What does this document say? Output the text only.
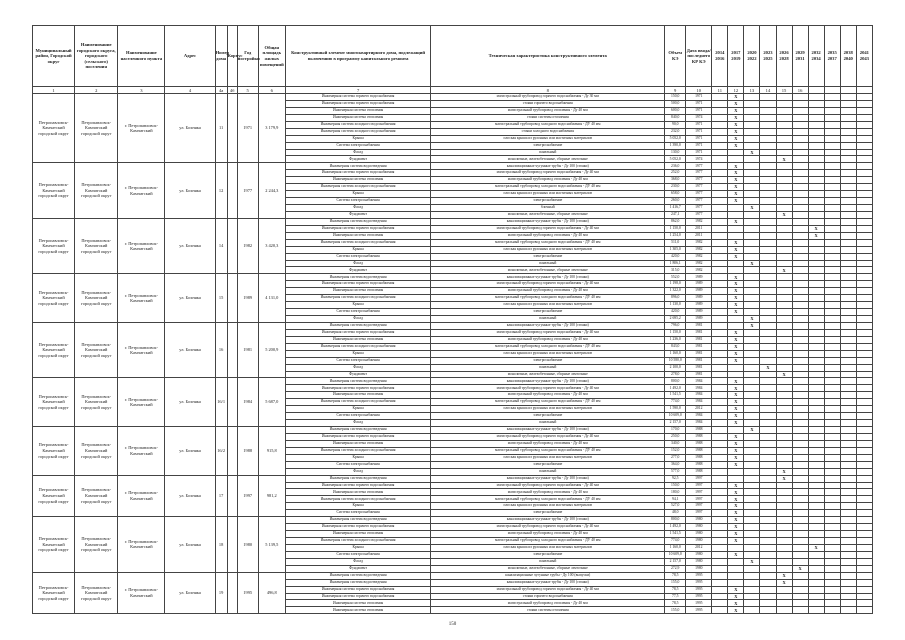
Муниципальный район, Городской округ	Наименование городского округа, городского (сельского) поселения	Наименование населенного пункта	Адрес	Номер дома	Корпус	Год постройки	Общая площадь жилых помещений	Конструктивный элемент многоквартирного дома, подлежащий включению в программу капитального ремонта	Техническая характеристика конструктивного элемента	Объем КЭ	Дата ввода/последнего КР КЭ	2014 2016	2017 2019	2020 2022	2023 2025	2026 2028	2029 2031	2032 2034	2035 2037	2038 2040	2041 2043
1	2	3	4	4a	4б	5	6	7	8	9	10	11	12	13	14	15	16				
Петропавловск-Камчатский городской округ	Петропавловск-Камчатский городской округ	г. Петропавловск-Камчатский	ул. Бохняка	11		1971	3 179,9	Инженерная система горячего водоснабжения	магистральный трубопровод горячего водоснабжения - Ду 30 мм	150,0	1971		X								
								Инженерная система горячего водоснабжения	стояки горячего водоснабжения	500,0	1971		X								
								Инженерная система отопления	магистральный трубопровод отопления - Ду 40 мм	600,0	1971		X								
								Инженерная система отопления	стояки системы отопления	840,0	1974		X								
								Инженерная система холодного водоснабжения	магистральный трубопровод холодного водоснабжения - ДУ 40 мм	90,0	1971		X								
								Инженерная система холодного водоснабжения	стояки холодного водоснабжения	232,0	1971		X								
								Крыша	плоская крыша из рулонных или мастичных материалов	5 052,0	1971		X								
								Система электроснабжения	электроснабжение	1 390,0	1971		X								
								Фасад	панельный	130,0	1971			X							
								Фундамент	монолитные, железобетонные, сборные ленточные	5 052,0	1974					X					
Петропавловск-Камчатский городской округ	Петропавловск-Камчатский городской округ	г. Петропавловск-Камчатский	ул. Бохняка	12		1977	2 244,3	Инженерная система водоотведения	канализационные чугунные трубы - Ду 100 (стояки)	236,0	1977		X								
								Инженерная система горячего водоснабжения	магистральный трубопровод горячего водоснабжения - Ду 40 мм	252,0	1977		X								
								Инженерная система отопления	магистральный трубопровод отопления - Ду 40 мм	368,0	1977		X								
								Инженерная система холодного водоснабжения	магистральный трубопровод холодного водоснабжения - ДУ 40 мм	230,0	1977		X								
								Крыша	плоская крыша из рулонных или мастичных материалов	658,0	1977		X								
								Система электроснабжения	электроснабжение	260,0	1977		X								
								Фасад	блочный	1 416,7	1977			X							
								Фундамент	монолитные, железобетонные, сборные ленточные	247,1	1977					X					
Петропавловск-Камчатский городской округ	Петропавловск-Камчатский городской округ	г. Петропавловск-Камчатский	ул. Бохняка	14		1982	3 420,3	Инженерная система водоотведения	канализационные чугунные трубы - Ду 100 (стояки)	862,0	1982		X								
								Инженерная система горячего водоснабжения	магистральный трубопровод горячего водоснабжения - Ду 40 мм	1 150,0	2011							X			
								Инженерная система отопления	магистральный трубопровод отопления - Ду 40 мм	1 254,0	2011							X			
								Инженерная система холодного водоснабжения	магистральный трубопровод холодного водоснабжения - ДУ 40 мм	511,0	1982		X								
								Крыша	плоская крыша из рулонных или мастичных материалов	1 305,0	1982		X								
								Система электроснабжения	электроснабжение	420,0	1982		X								
								Фасад	панельный	1 806,1	1982			X							
								Фундамент	монолитные, железобетонные, сборные ленточные	315,0	1982					X					
Петропавловск-Камчатский городской округ	Петропавловск-Камчатский городской округ	г. Петропавловск-Камчатский	ул. Бохняка	15		1989	4 131,0	Инженерная система водоотведения	канализационные чугунные трубы - Ду 100 (стояки)	552,0	1989		X								
								Инженерная система горячего водоснабжения	магистральный трубопровод горячего водоснабжения - Ду 40 мм	1 198,0	1989		X								
								Инженерная система отопления	магистральный трубопровод отопления - Ду 40 мм	1 322,0	1989		X								
								Инженерная система холодного водоснабжения	магистральный трубопровод холодного водоснабжения - ДУ 40 мм	896,0	1989		X								
								Крыша	плоская крыша из рулонных или мастичных материалов	1 130,0	1989		X								
								Система электроснабжения	электроснабжение	420,0	1989		X								
								Фасад	панельный	2 695,2	1989			X							
Петропавловск-Камчатский городской округ	Петропавловск-Камчатский городской округ	г. Петропавловск-Камчатский	ул. Бохняка	16		1981	5 200,9	Инженерная система водоотведения	канализационные чугунные трубы - Ду 100 (стояки)	796,0	1981			X							
								Инженерная система горячего водоснабжения	магистральный трубопровод горячего водоснабжения - Ду 40 мм	1 150,0	1981		X								
								Инженерная система отопления	магистральный трубопровод отопления - Ду 40 мм	1 236,0	1981		X								
								Инженерная система холодного водоснабжения	магистральный трубопровод холодного водоснабжения - ДУ 40 мм	843,0	1981		X								
								Крыша	плоская крыша из рулонных или мастичных материалов	1 160,0	1981		X								
								Система электроснабжения	электроснабжение	10 580,0	1981		X								
								Фасад	панельный	2 100,0	1981				X						
								Фундамент	монолитные, железобетонные, сборные ленточные	278,0	1981					X					
Петропавловск-Камчатский городской округ	Петропавловск-Камчатский городской округ	г. Петропавловск-Камчатский	ул. Бохняка	16/1		1984	5 687,0	Инженерная система водоотведения	канализационные чугунные трубы - Ду 100 (стояки)	800,0	1984		X								
								Инженерная система горячего водоснабжения	магистральный трубопровод горячего водоснабжения - Ду 40 мм	1 492,0	1984		X								
								Инженерная система отопления	магистральный трубопровод отопления - Ду 40 мм	1 541,5	1984		X								
								Инженерная система холодного водоснабжения	магистральный трубопровод холодного водоснабжения - ДУ 40 мм	774,0	1984		X								
								Крыша	плоская крыша из рулонных или мастичных материалов	1 590,0	2012		X								
								Система электроснабжения	электроснабжение	10 609,0	1984		X								
								Фасад	панельный	2 157,0	1984		X								
Петропавловск-Камчатский городской округ	Петропавловск-Камчатский городской округ	г. Петропавловск-Камчатский	ул. Бохняка	16/2		1988	915,8	Инженерная система водоотведения	канализационные чугунные трубы - Ду 100 (стояки)	170,0	1988			X							
								Инженерная система горячего водоснабжения	магистральный трубопровод горячего водоснабжения - Ду 40 мм	250,0	1988		X								
								Инженерная система отопления	магистральный трубопровод отопления - Ду 40 мм	340,0	1988		X								
								Инженерная система холодного водоснабжения	магистральный трубопровод холодного водоснабжения - ДУ 40 мм	152,0	1988		X								
								Крыша	плоская крыша из рулонных или мастичных материалов	277,0	1988		X								
								Система электроснабжения	электроснабжение	364,0	1988		X								
								Фасад	панельный	577,0	1988					X					
Петропавловск-Камчатский городской округ	Петропавловск-Камчатский городской округ	г. Петропавловск-Камчатский	ул. Бохняка	17		1997	981,2	Инженерная система водоотведения	канализационные чугунные трубы - Ду 100 (стояки)	92,5	1997					X					
								Инженерная система горячего водоснабжения	магистральный трубопровод горячего водоснабжения - Ду 40 мм	150,0	1997		X								
								Инженерная система отопления	магистральный трубопровод отопления - Ду 40 мм	180,0	1997		X								
								Инженерная система холодного водоснабжения	магистральный трубопровод холодного водоснабжения - ДУ 40 мм	94,1	1997		X								
								Крыша	плоская крыша из рулонных или мастичных материалов	527,0	1997		X								
								Система электроснабжения	электроснабжение	48,0	1997		X								
Петропавловск-Камчатский городской округ	Петропавловск-Камчатский городской округ	г. Петропавловск-Камчатский	ул. Бохняка	18		1980	5 139,5	Инженерная система водоотведения	канализационные чугунные трубы - Ду 100 (стояки)	800,0	1980		X								
								Инженерная система горячего водоснабжения	магистральный трубопровод горячего водоснабжения - Ду 40 мм	1 492,0	1980		X								
								Инженерная система отопления	магистральный трубопровод отопления - Ду 40 мм	1 541,5	1980		X								
								Инженерная система холодного водоснабжения	магистральный трубопровод холодного водоснабжения - ДУ 40 мм	774,0	1980		X								
								Крыша	плоская крыша из рулонных или мастичных материалов	1 160,0	2012							X			
								Система электроснабжения	электроснабжение	10 609,0	1980		X								
								Фасад	панельный	2 157,0	1980			X							
								Фундамент	монолитные, железобетонные, сборные ленточные	272,9	1980						X				
Петропавловск-Камчатский городской округ	Петропавловск-Камчатский городской округ	г. Петропавловск-Камчатский	ул. Бохняка	19		1995	496,8	Инженерная система водоотведения	канализационные чугунные трубы - Ду 100 (выпуски)	78,5	1995					X					
								Инженерная система водоотведения	канализационные чугунные трубы - Ду 100 (стояки)	155,0	1995					X					
								Инженерная система горячего водоснабжения	магистральный трубопровод горячего водоснабжения - Ду 40 мм	78,5	1995		X								
								Инженерная система горячего водоснабжения	стояки горячего водоснабжения	77,5	1995		X								
								Инженерная система отопления	магистральный трубопровод отопления - Ду 40 мм	78,5	1995		X								
								Инженерная система отопления	стояки системы отопления	155,0	1995		X								
150
